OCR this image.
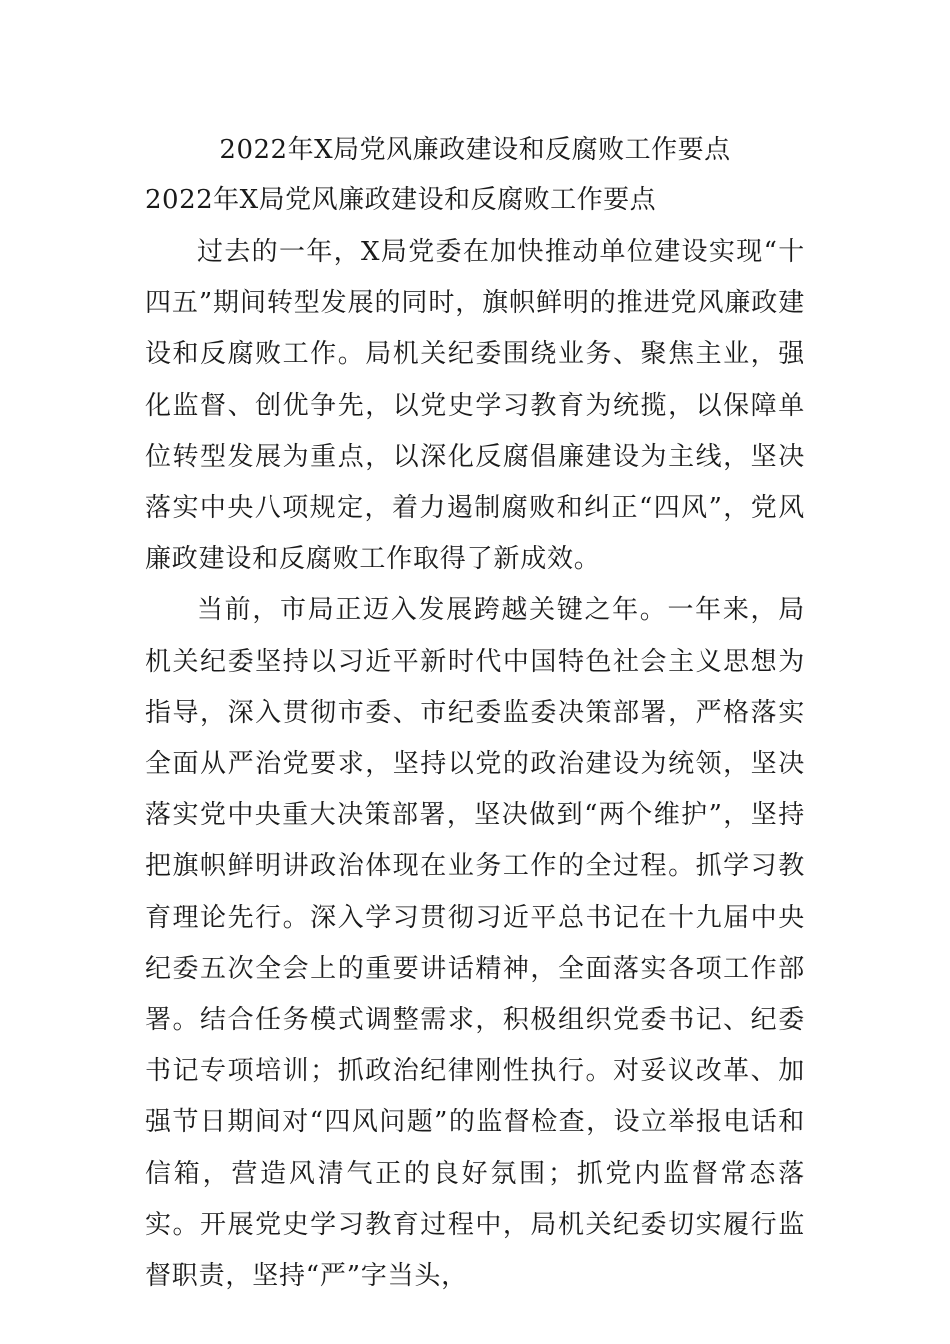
2022年X局党风廉政建设和反腐败工作要点
2022年X局党风廉政建设和反腐败工作要点

过去的一年，X局党委在加快推动单位建设实现“十四五”期间转型发展的同时，旗帜鲜明的推进党风廉政建设和反腐败工作。局机关纪委围绕业务、聚焦主业，强化监督、创优争先，以党史学习教育为统揽，以保障单位转型发展为重点，以深化反腐倡廉建设为主线，坚决落实中央八项规定，着力遏制腐败和纠正“四风”，党风廉政建设和反腐败工作取得了新成效。

当前，市局正迈入发展跨越关键之年。一年来，局机关纪委坚持以习近平新时代中国特色社会主义思想为指导，深入贯彻市委、市纪委监委决策部署，严格落实全面从严治党要求，坚持以党的政治建设为统领，坚决落实党中央重大决策部署，坚决做到“两个维护”，坚持把旗帜鲜明讲政治体现在业务工作的全过程。抓学习教育理论先行。深入学习贯彻习近平总书记在十九届中央纪委五次全会上的重要讲话精神，全面落实各项工作部署。结合任务模式调整需求，积极组织党委书记、纪委书记专项培训；抓政治纪律刚性执行。对妥议改革、加强节日期间对“四风问题”的监督检查，设立举报电话和信箱，营造风清气正的良好氛围；抓党内监督常态落实。开展党史学习教育过程中，局机关纪委切实履行监督职责，坚持“严”字当头，
